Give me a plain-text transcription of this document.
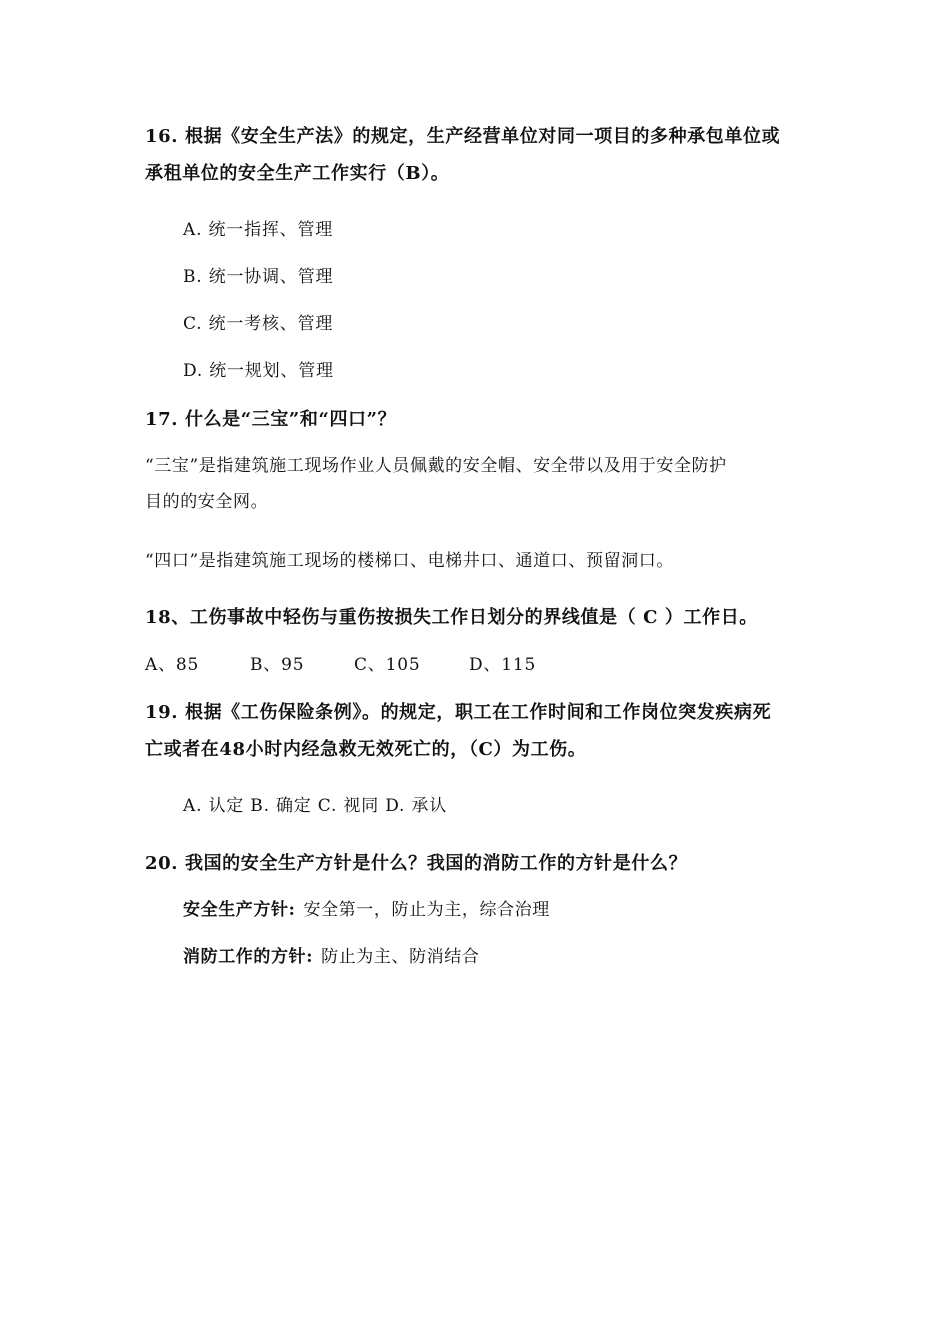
16. 根据《安全生产法》的规定，生产经营单位对同一项目的多种承包单位或
承租单位的安全生产工作实行（B）。
A. 统一指挥、管理
B. 统一协调、管理
C. 统一考核、管理
D. 统一规划、管理
17. 什么是“三宝”和“四口”？
“三宝”是指建筑施工现场作业人员佩戴的安全帽、安全带以及用于安全防护
目的的安全网。
“四口”是指建筑施工现场的楼梯口、电梯井口、通道口、预留洞口。
18、工伤事故中轻伤与重伤按损失工作日划分的界线值是（ C ）工作日。
A、85	B、95	C、105	D、115
19. 根据《工伤保险条例》。的规定，职工在工作时间和工作岗位突发疾病死
亡或者在48小时内经急救无效死亡的，（C）为工伤。
A. 认定 B. 确定 C. 视同 D. 承认
20. 我国的安全生产方针是什么？我国的消防工作的方针是什么？
安全生产方针: 安全第一，防止为主，综合治理
消防工作的方针: 防止为主、防消结合
